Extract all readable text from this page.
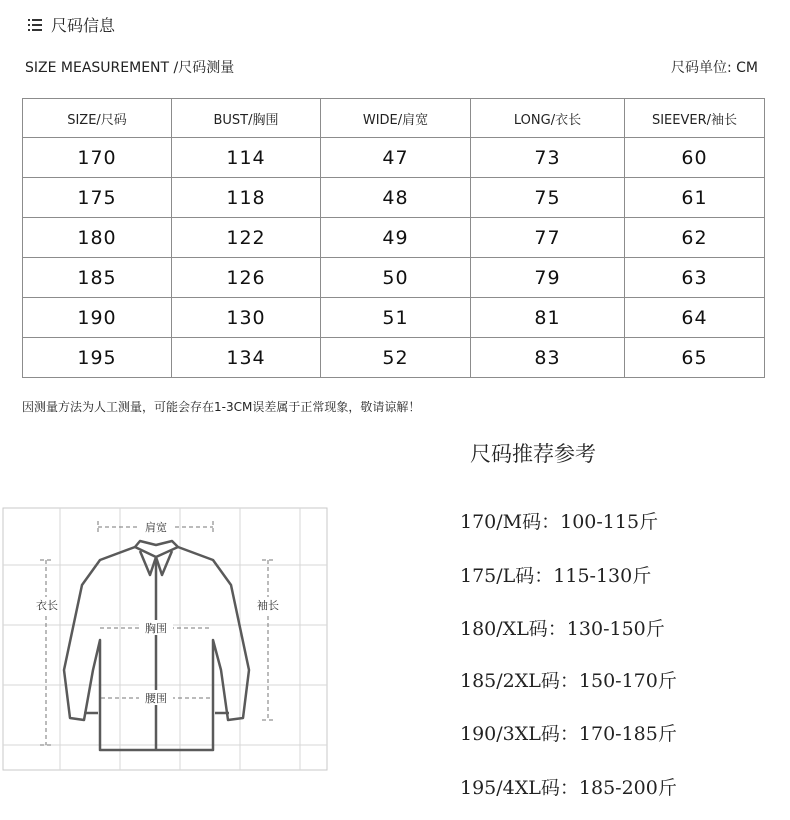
尺码信息
SIZE MEASUREMENT /尺码测量	尺码单位: CM
SIZE/尺码	BUST/胸围	WIDE/肩宽	LONG/衣长	SIEEVER/袖长
170	114	47	73	60
175	118	48	75	61
180	122	49	77	62
185	126	50	79	63
190	130	51	81	64
195	134	52	83	65
因测量方法为人工测量，可能会存在1-3CM误差属于正常现象，敬请谅解！
肩宽
衣长	袖长
胸围
腰围
尺码推荐参考
170/M码：100-115斤
175/L码：115-130斤
180/XL码：130-150斤
185/2XL码：150-170斤
190/3XL码：170-185斤
195/4XL码：185-200斤
